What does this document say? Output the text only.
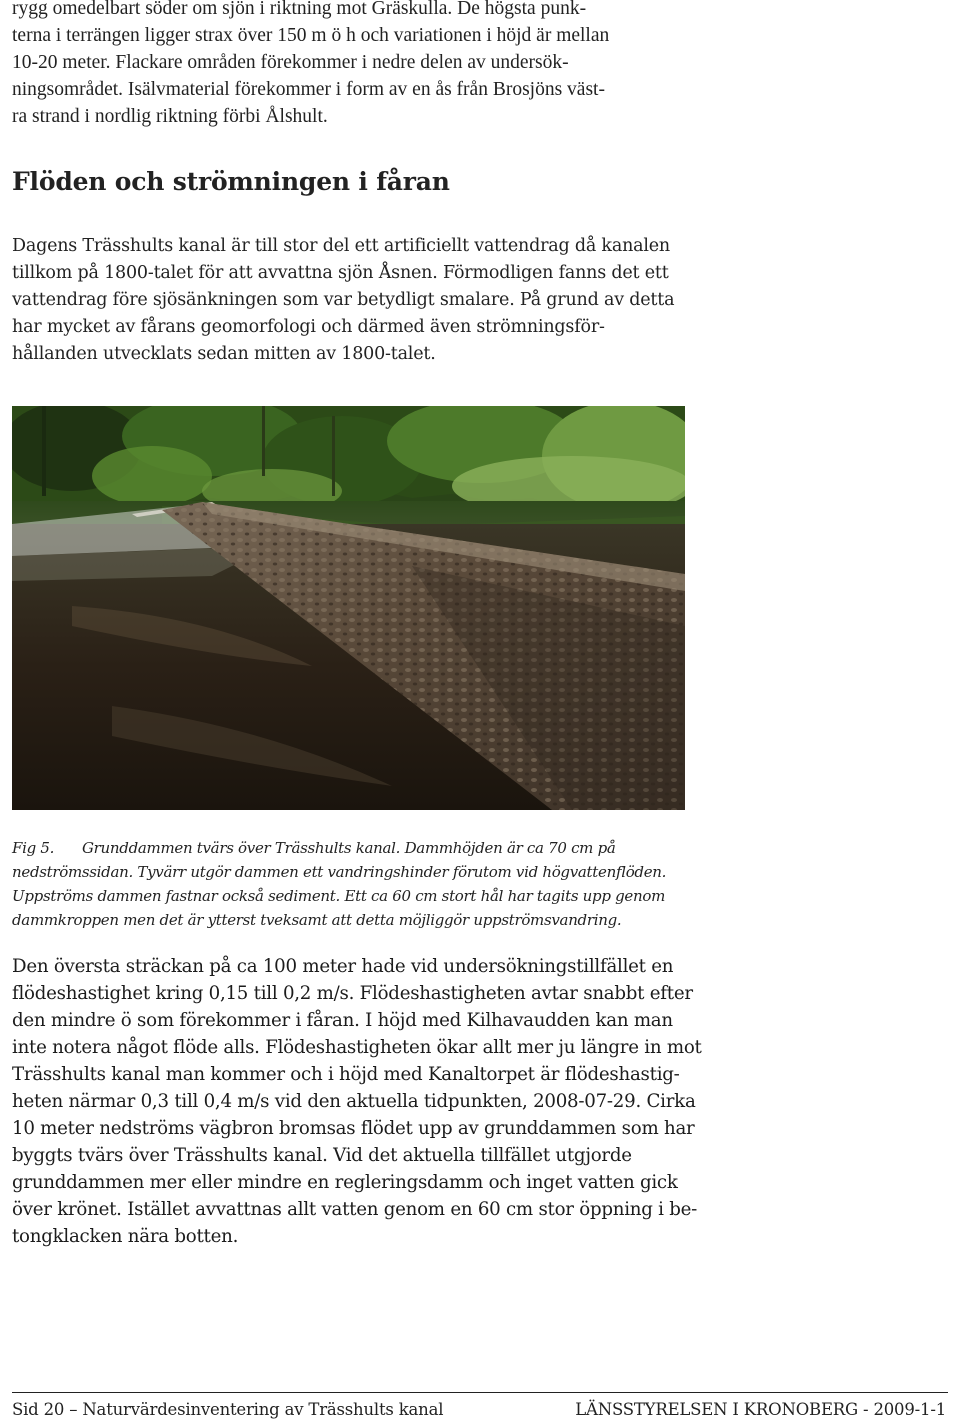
rygg omedelbart söder om sjön i riktning mot Gräskulla. De högsta punk-

terna i terrängen ligger strax över 150 m ö h och variationen i höjd är mellan

10-20 meter. Flackare områden förekommer i nedre delen av undersök-

ningsområdet. Isälvmaterial förekommer i form av en ås från Brosjöns väst-

ra strand i nordlig riktning förbi Ålshult.

Flöden och strömningen i fåran

Dagens Trässhults kanal är till stor del ett artificiellt vattendrag då kanalen

tillkom på 1800-talet för att avvattna sjön Åsnen. Förmodligen fanns det ett

vattendrag före sjösänkningen som var betydligt smalare. På grund av detta

har mycket av fårans geomorfologi och därmed även strömningsför-

hållanden utvecklats sedan mitten av 1800-talet.

Fig 5. Grunddammen tvärs över Trässhults kanal. Dammhöjden är ca 70 cm på

nedströmssidan. Tyvärr utgör dammen ett vandringshinder förutom vid högvattenflöden.

Uppströms dammen fastnar också sediment. Ett ca 60 cm stort hål har tagits upp genom

dammkroppen men det är ytterst tveksamt att detta möjliggör uppströmsvandring.

Den översta sträckan på ca 100 meter hade vid undersökningstillfället en

flödeshastighet kring 0,15 till 0,2 m/s. Flödeshastigheten avtar snabbt efter

den mindre ö som förekommer i fåran. I höjd med Kilhavaudden kan man

inte notera något flöde alls. Flödeshastigheten ökar allt mer ju längre in mot

Trässhults kanal man kommer och i höjd med Kanaltorpet är flödeshastig-

heten närmar 0,3 till 0,4 m/s vid den aktuella tidpunkten, 2008-07-29. Cirka

10 meter nedströms vägbron bromsas flödet upp av grunddammen som har

byggts tvärs över Trässhults kanal. Vid det aktuella tillfället utgjorde

grunddammen mer eller mindre en regleringsdamm och inget vatten gick

över krönet. Istället avvattnas allt vatten genom en 60 cm stor öppning i be-

tongklacken nära botten.

Sid 20 – Naturvärdesinventering av Trässhults kanal	LÄNSSTYRELSEN I KRONOBERG - 2009-1-1
